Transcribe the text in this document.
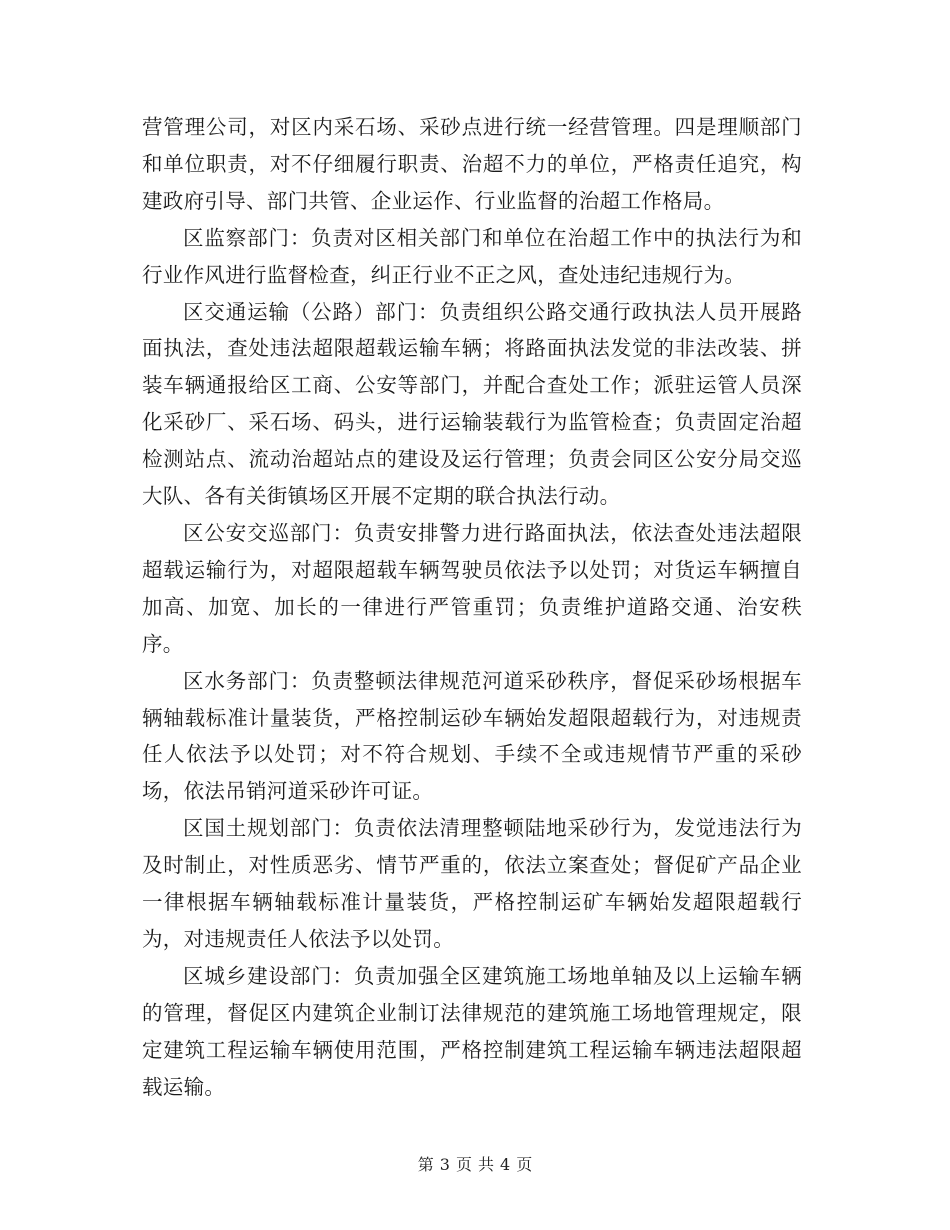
营管理公司，对区内采石场、采砂点进行统一经营管理。四是理顺部门和单位职责，对不仔细履行职责、治超不力的单位，严格责任追究，构建政府引导、部门共管、企业运作、行业监督的治超工作格局。

区监察部门：负责对区相关部门和单位在治超工作中的执法行为和行业作风进行监督检查，纠正行业不正之风，查处违纪违规行为。

区交通运输（公路）部门：负责组织公路交通行政执法人员开展路面执法，查处违法超限超载运输车辆；将路面执法发觉的非法改装、拼装车辆通报给区工商、公安等部门，并配合查处工作；派驻运管人员深化采砂厂、采石场、码头，进行运输装载行为监管检查；负责固定治超检测站点、流动治超站点的建设及运行管理；负责会同区公安分局交巡大队、各有关街镇场区开展不定期的联合执法行动。

区公安交巡部门：负责安排警力进行路面执法，依法查处违法超限超载运输行为，对超限超载车辆驾驶员依法予以处罚；对货运车辆擅自加高、加宽、加长的一律进行严管重罚；负责维护道路交通、治安秩序。

区水务部门：负责整顿法律规范河道采砂秩序，督促采砂场根据车辆轴载标准计量装货，严格控制运砂车辆始发超限超载行为，对违规责任人依法予以处罚；对不符合规划、手续不全或违规情节严重的采砂场，依法吊销河道采砂许可证。

区国土规划部门：负责依法清理整顿陆地采砂行为，发觉违法行为及时制止，对性质恶劣、情节严重的，依法立案查处；督促矿产品企业一律根据车辆轴载标准计量装货，严格控制运矿车辆始发超限超载行为，对违规责任人依法予以处罚。

区城乡建设部门：负责加强全区建筑施工场地单轴及以上运输车辆的管理，督促区内建筑企业制订法律规范的建筑施工场地管理规定，限定建筑工程运输车辆使用范围，严格控制建筑工程运输车辆违法超限超载运输。

第 3 页 共 4 页
